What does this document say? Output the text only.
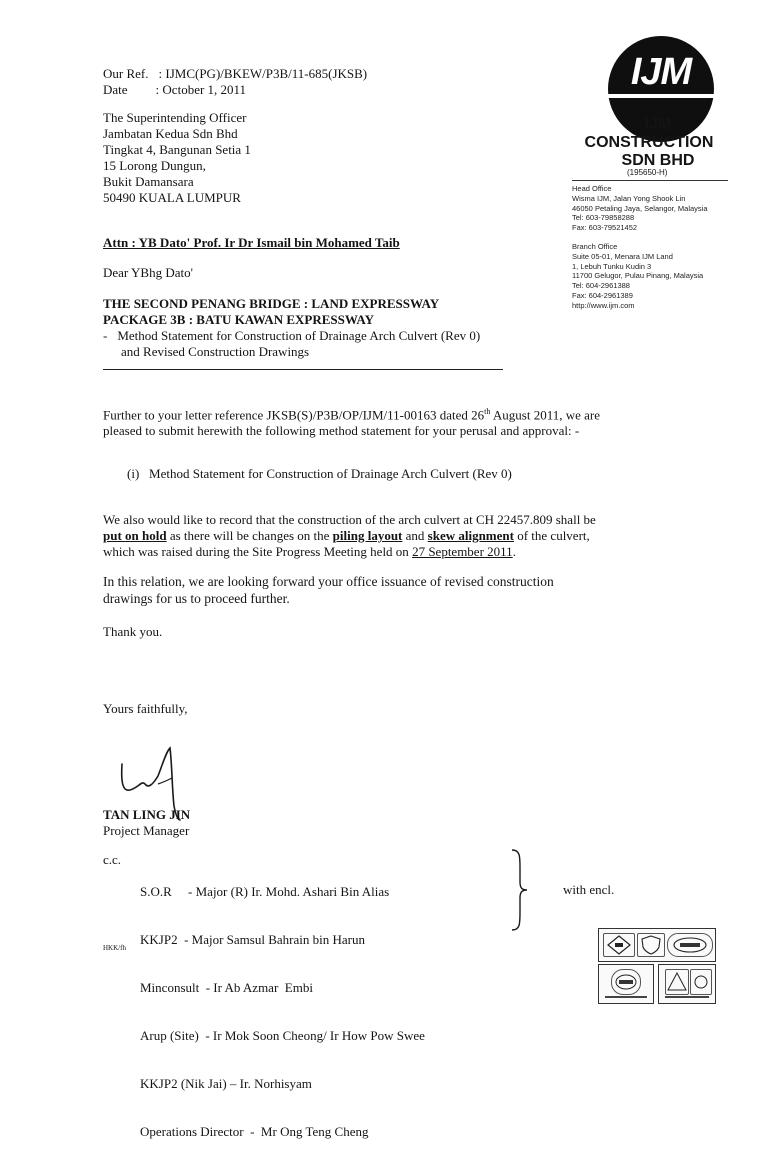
Our Ref. : IJMC(PG)/BKEW/P3B/11-685(JKSB)

Date : October 1, 2011

The Superintending Officer

Jambatan Kedua Sdn Bhd

Tingkat 4, Bangunan Setia 1

15 Lorong Dungun,

Bukit Damansara

50490 KUALA LUMPUR

IJM

IJM

CONSTRUCTION

SDN BHD

(195650-H)

Head Office

Wisma IJM, Jalan Yong Shook Lin

46050 Petaling Jaya, Selangor, Malaysia

Tel: 603-79858288

Fax: 603-79521452

Branch Office

Suite 05-01, Menara IJM Land

1, Lebuh Tunku Kudin 3

11700 Gelugor, Pulau Pinang, Malaysia

Tel: 604-2961388

Fax: 604-2961389

http://www.ijm.com

Attn : YB Dato' Prof. Ir Dr Ismail bin Mohamed Taib
Dear YBhg Dato'

THE SECOND PENANG BRIDGE : LAND EXPRESSWAY

PACKAGE 3B : BATU KAWAN EXPRESSWAY

- Method Statement for Construction of Drainage Arch Culvert (Rev 0)

and Revised Construction Drawings

Further to your letter reference JKSB(S)/P3B/OP/IJM/11-00163 dated 26th August 2011, we are

pleased to submit herewith the following method statement for your perusal and approval: -

(i)   Method Statement for Construction of Drainage Arch Culvert (Rev 0)

We also would like to record that the construction of the arch culvert at CH 22457.809 shall be

put on hold as there will be changes on the piling layout and skew alignment of the culvert,

which was raised during the Site Progress Meeting held on 27 September 2011.

In this relation, we are looking forward your office issuance of revised construction

drawings for us to proceed further.

Thank you.
Yours faithfully,

TAN LING JIN

Project Manager

c.c.

S.O.R     - Major (R) Ir. Mohd. Ashari Bin Alias

KKJP2  - Major Samsul Bahrain bin Harun

Minconsult  - Ir Ab Azmar  Embi

Arup (Site)  - Ir Mok Soon Cheong/ Ir How Pow Swee

KKJP2 (Nik Jai) – Ir. Norhisyam

Operations Director  -  Mr Ong Teng Cheng

with encl.
HKK/fh
